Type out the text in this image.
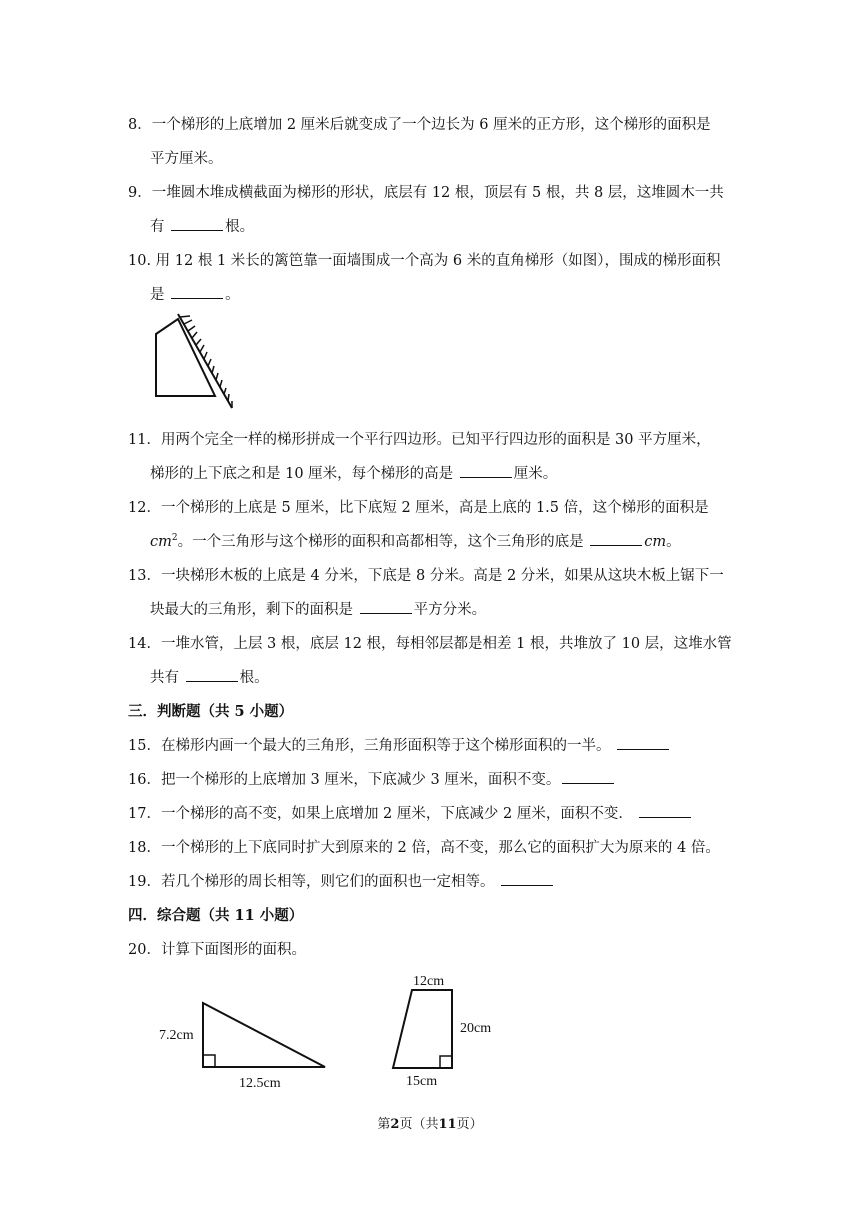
8．一个梯形的上底增加 2 厘米后就变成了一个边长为 6 厘米的正方形，这个梯形的面积是
平方厘米。
9．一堆圆木堆成横截面为梯形的形状，底层有 12 根，顶层有 5 根，共 8 层，这堆圆木一共
有	根。
10. 用 12 根 1 米长的篱笆靠一面墙围成一个高为 6 米的直角梯形（如图），围成的梯形面积
是	。
11．用两个完全一样的梯形拼成一个平行四边形。已知平行四边形的面积是 30 平方厘米，
梯形的上下底之和是 10 厘米，每个梯形的高是	厘米。
12．一个梯形的上底是 5 厘米，比下底短 2 厘米，高是上底的 1.5 倍，这个梯形的面积是
$cm^2$。一个三角形与这个梯形的面积和高都相等，这个三角形的底是	cm。
13．一块梯形木板的上底是 4 分米，下底是 8 分米。高是 2 分米，如果从这块木板上锯下一
块最大的三角形，剩下的面积是	平方分米。
14．一堆水管，上层 3 根，底层 12 根，每相邻层都是相差 1 根，共堆放了 10 层，这堆水管
共有	根。
三．判断题（共 5 小题）
15．在梯形内画一个最大的三角形，三角形面积等于这个梯形面积的一半。
16．把一个梯形的上底增加 3 厘米，下底减少 3 厘米，面积不变。
17．一个梯形的高不变，如果上底增加 2 厘米，下底减少 2 厘米，面积不变．
18．一个梯形的上下底同时扩大到原来的 2 倍，高不变，那么它的面积扩大为原来的 4 倍。
19．若几个梯形的周长相等，则它们的面积也一定相等。
四．综合题（共 11 小题）
20．计算下面图形的面积。
7.2cm
12.5cm
12cm
20cm
15cm
第2页（共11页）
